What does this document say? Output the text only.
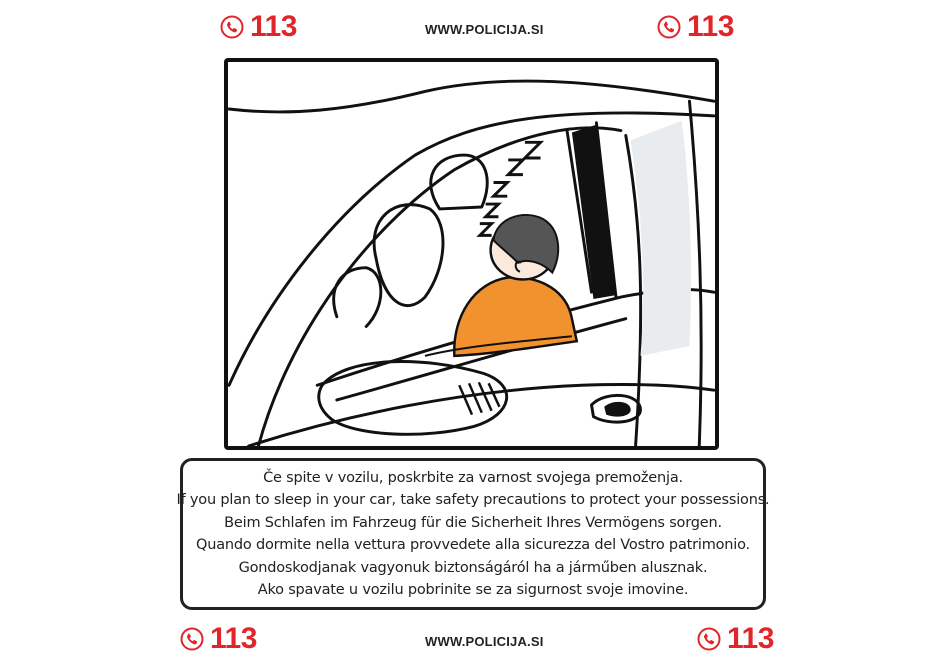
113	WWW.POLICIJA.SI	113

Če spite v vozilu, poskrbite za varnost svojega premoženja.

If you plan to sleep in your car, take safety precautions to protect your possessions.

Beim Schlafen im Fahrzeug für die Sicherheit Ihres Vermögens sorgen.

Quando dormite nella vettura provvedete alla sicurezza del Vostro patrimonio.

Gondoskodjanak vagyonuk biztonságáról ha a járműben alusznak.

Ako spavate u vozilu pobrinite se za sigurnost svoje imovine.

113	WWW.POLICIJA.SI	113
